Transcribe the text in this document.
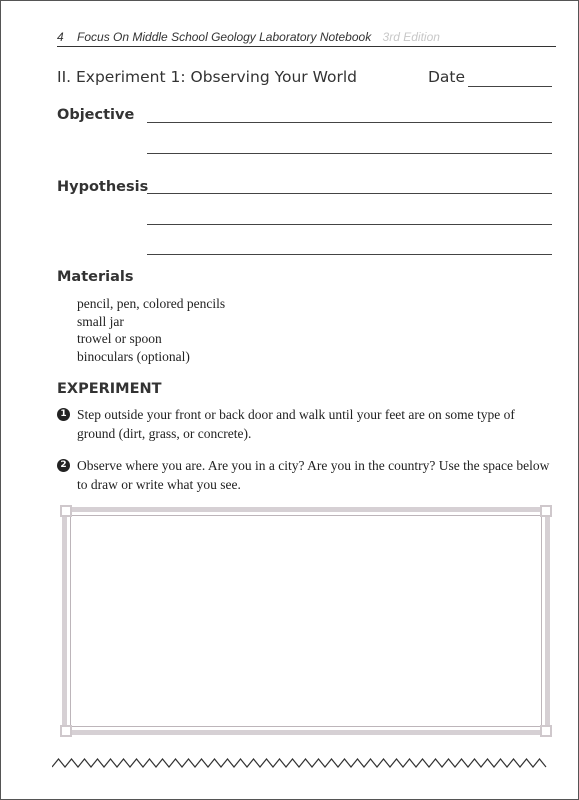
4 Focus On Middle School Geology Laboratory Notebook 3rd Edition
II. Experiment 1: Observing Your World	Date
Objective
Hypothesis
Materials
pencil, pen, colored pencils
small jar
trowel or spoon
binoculars (optional)
EXPERIMENT
1 Step outside your front or back door and walk until your feet are on some type of ground (dirt, grass, or concrete).
2 Observe where you are. Are you in a city? Are you in the country? Use the space below to draw or write what you see.
